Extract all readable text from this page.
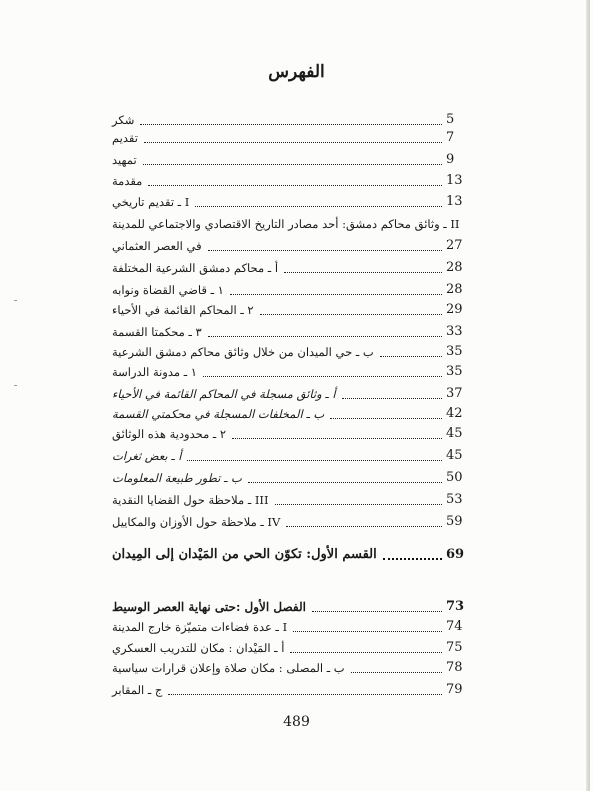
الفهرس
شكر	5
تقديم	7
تمهيد	9
مقدمة	13
I ـ تقديم تاريخي	13
II ـ وثائق محاكم دمشق: أحد مصادر التاريخ الاقتصادي والاجتماعي للمدينة
في العصر العثماني	27
أ ـ محاكم دمشق الشرعية المختلفة	28
١ ـ قاضي القضاة ونوابه	28
٢ ـ المحاكم القائمة في الأحياء	29
٣ ـ محكمتا القسمة	33
ب ـ حي الميدان من خلال وثائق محاكم دمشق الشرعية	35
١ ـ مدونة الدراسة	35
أ ـ وثائق مسجلة في المحاكم القائمة في الأحياء	37
ب ـ المخلفات المسجلة في محكمتي القسمة	42
٢ ـ محدودية هذه الوثائق	45
أ ـ بعض ثغرات	45
ب ـ تطور طبيعة المعلومات	50
III ـ ملاحظة حول القضايا النقدية	53
IV ـ ملاحظة حول الأوزان والمكاييل	59
القسم الأول: تكوّن الحي من المَيْدان إلى المِيدان	69
الفصل الأول :حتى نهاية العصر الوسيط	73
I ـ عدة فضاءات متميّزة خارج المدينة	74
أ ـ المَيْدان : مكان للتدريب العسكري	75
ب ـ المصلى : مكان صلاة وإعلان قرارات سياسية	78
ج ـ المقابر	79
489
